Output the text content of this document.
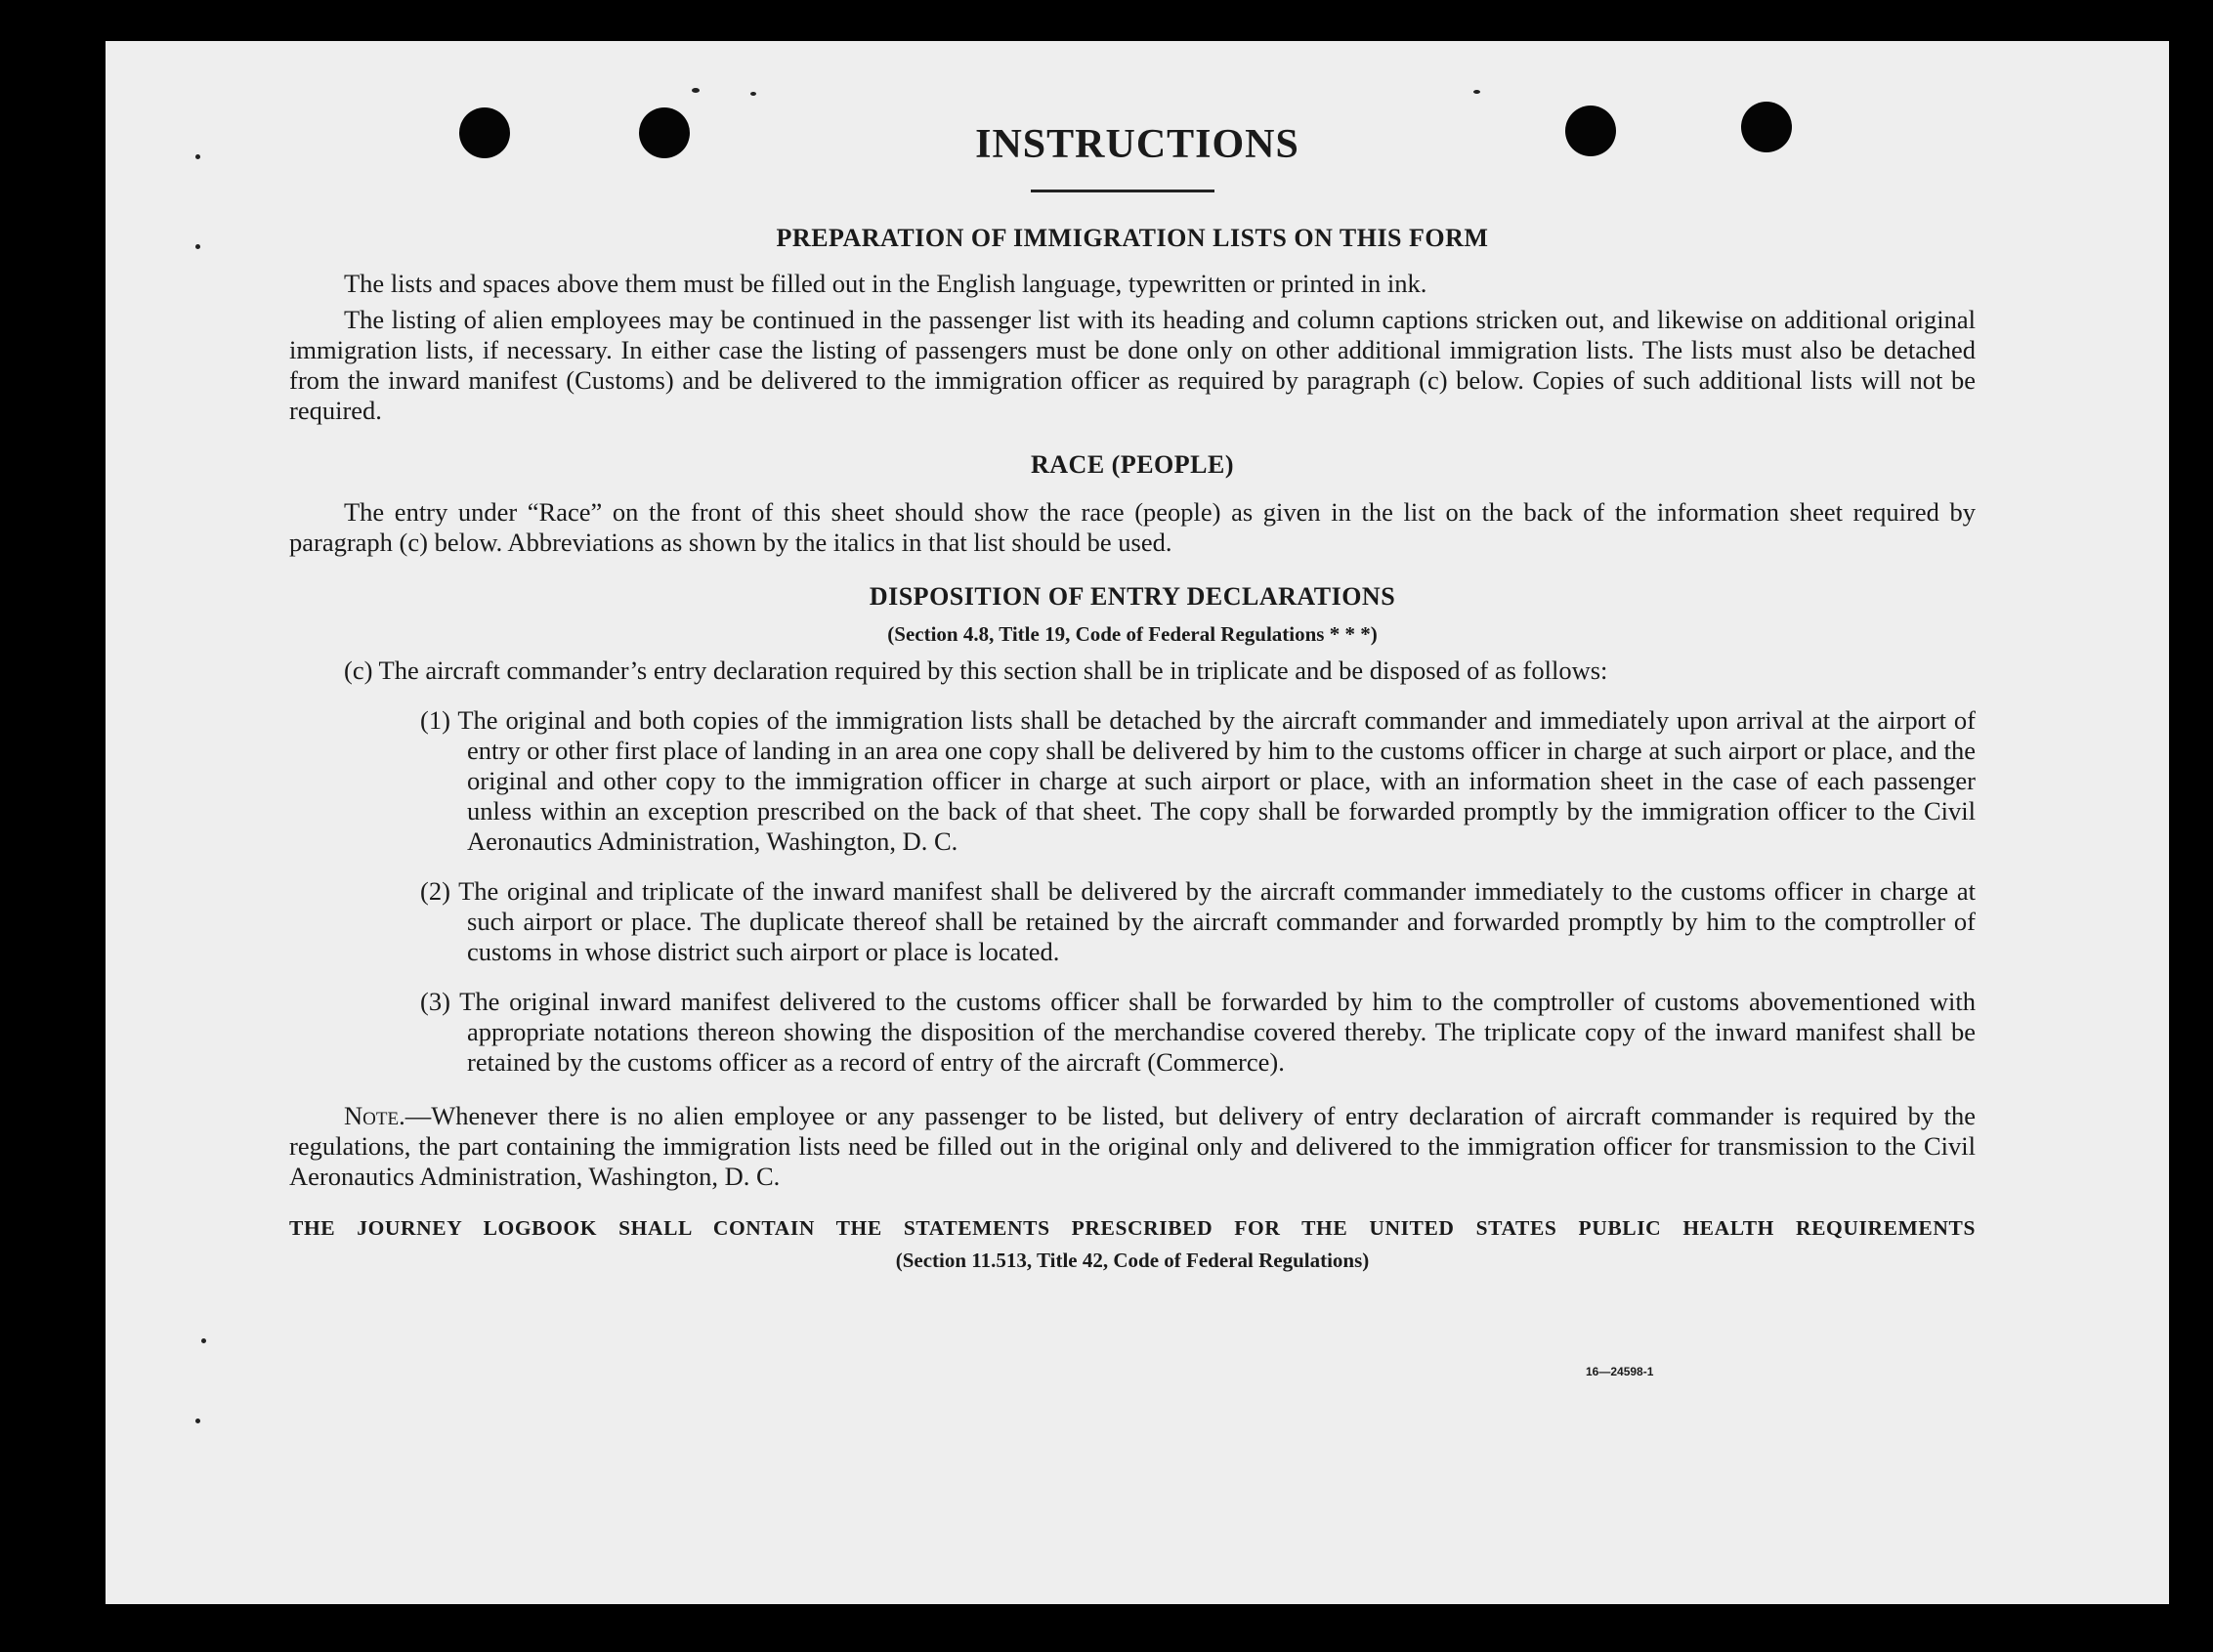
INSTRUCTIONS

PREPARATION OF IMMIGRATION LISTS ON THIS FORM

The lists and spaces above them must be filled out in the English language, typewritten or printed in ink.

The listing of alien employees may be continued in the passenger list with its heading and column captions stricken out, and likewise on additional original immigration lists, if necessary. In either case the listing of passengers must be done only on other additional immigration lists. The lists must also be detached from the inward manifest (Customs) and be delivered to the immigration officer as required by paragraph (c) below. Copies of such additional lists will not be required.

RACE (PEOPLE)

The entry under “Race” on the front of this sheet should show the race (people) as given in the list on the back of the information sheet required by paragraph (c) below. Abbreviations as shown by the italics in that list should be used.

DISPOSITION OF ENTRY DECLARATIONS

(Section 4.8, Title 19, Code of Federal Regulations * * *)

(c) The aircraft commander’s entry declaration required by this section shall be in triplicate and be disposed of as follows:

(1) The original and both copies of the immigration lists shall be detached by the aircraft commander and immediately upon arrival at the airport of entry or other first place of landing in an area one copy shall be delivered by him to the customs officer in charge at such airport or place, and the original and other copy to the immigration officer in charge at such airport or place, with an information sheet in the case of each passenger unless within an exception prescribed on the back of that sheet. The copy shall be forwarded promptly by the immigration officer to the Civil Aeronautics Administration, Washington, D. C.

(2) The original and triplicate of the inward manifest shall be delivered by the aircraft commander immediately to the customs officer in charge at such airport or place. The duplicate thereof shall be retained by the aircraft commander and forwarded promptly by him to the comptroller of customs in whose district such airport or place is located.

(3) The original inward manifest delivered to the customs officer shall be forwarded by him to the comptroller of customs abovementioned with appropriate notations thereon showing the disposition of the merchandise covered thereby. The triplicate copy of the inward manifest shall be retained by the customs officer as a record of entry of the aircraft (Commerce).

Note.—Whenever there is no alien employee or any passenger to be listed, but delivery of entry declaration of aircraft commander is required by the regulations, the part containing the immigration lists need be filled out in the original only and delivered to the immigration officer for transmission to the Civil Aeronautics Administration, Washington, D. C.

THE JOURNEY LOGBOOK SHALL CONTAIN THE STATEMENTS PRESCRIBED FOR THE UNITED STATES PUBLIC HEALTH REQUIREMENTS

(Section 11.513, Title 42, Code of Federal Regulations)

16—24598-1
